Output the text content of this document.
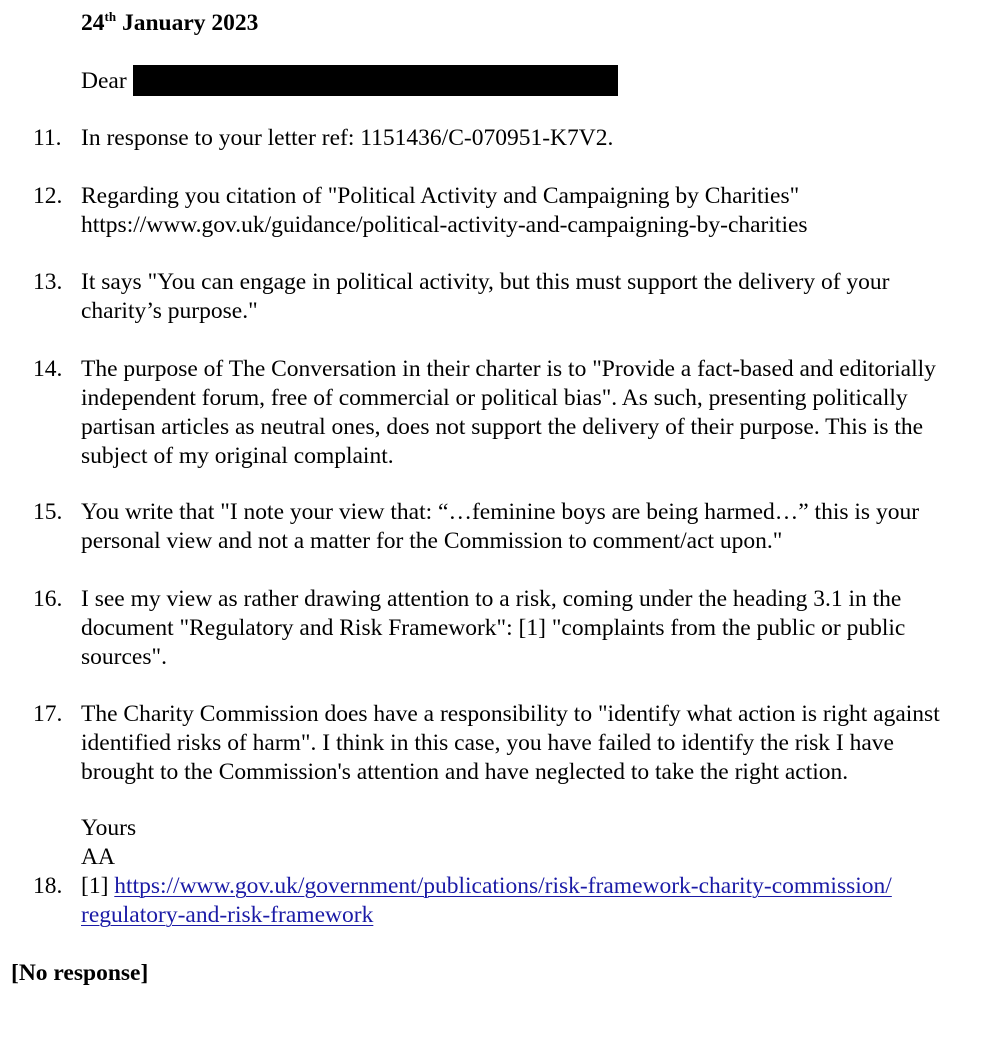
24th January 2023
Dear
11. In response to your letter ref: 1151436/C-070951-K7V2.
12. Regarding you citation of "Political Activity and Campaigning by Charities"
https://www.gov.uk/guidance/political-activity-and-campaigning-by-charities
13. It says "You can engage in political activity, but this must support the delivery of your
charity’s purpose."
14. The purpose of The Conversation in their charter is to "Provide a fact-based and editorially
independent forum, free of commercial or political bias". As such, presenting politically
partisan articles as neutral ones, does not support the delivery of their purpose. This is the
subject of my original complaint.
15. You write that "I note your view that: “…feminine boys are being harmed…” this is your
personal view and not a matter for the Commission to comment/act upon."
16. I see my view as rather drawing attention to a risk, coming under the heading 3.1 in the
document "Regulatory and Risk Framework": [1] "complaints from the public or public
sources".
17. The Charity Commission does have a responsibility to "identify what action is right against
identified risks of harm". I think in this case, you have failed to identify the risk I have
brought to the Commission's attention and have neglected to take the right action.
Yours
AA
18. [1] https://www.gov.uk/government/publications/risk-framework-charity-commission/
regulatory-and-risk-framework
[No response]
